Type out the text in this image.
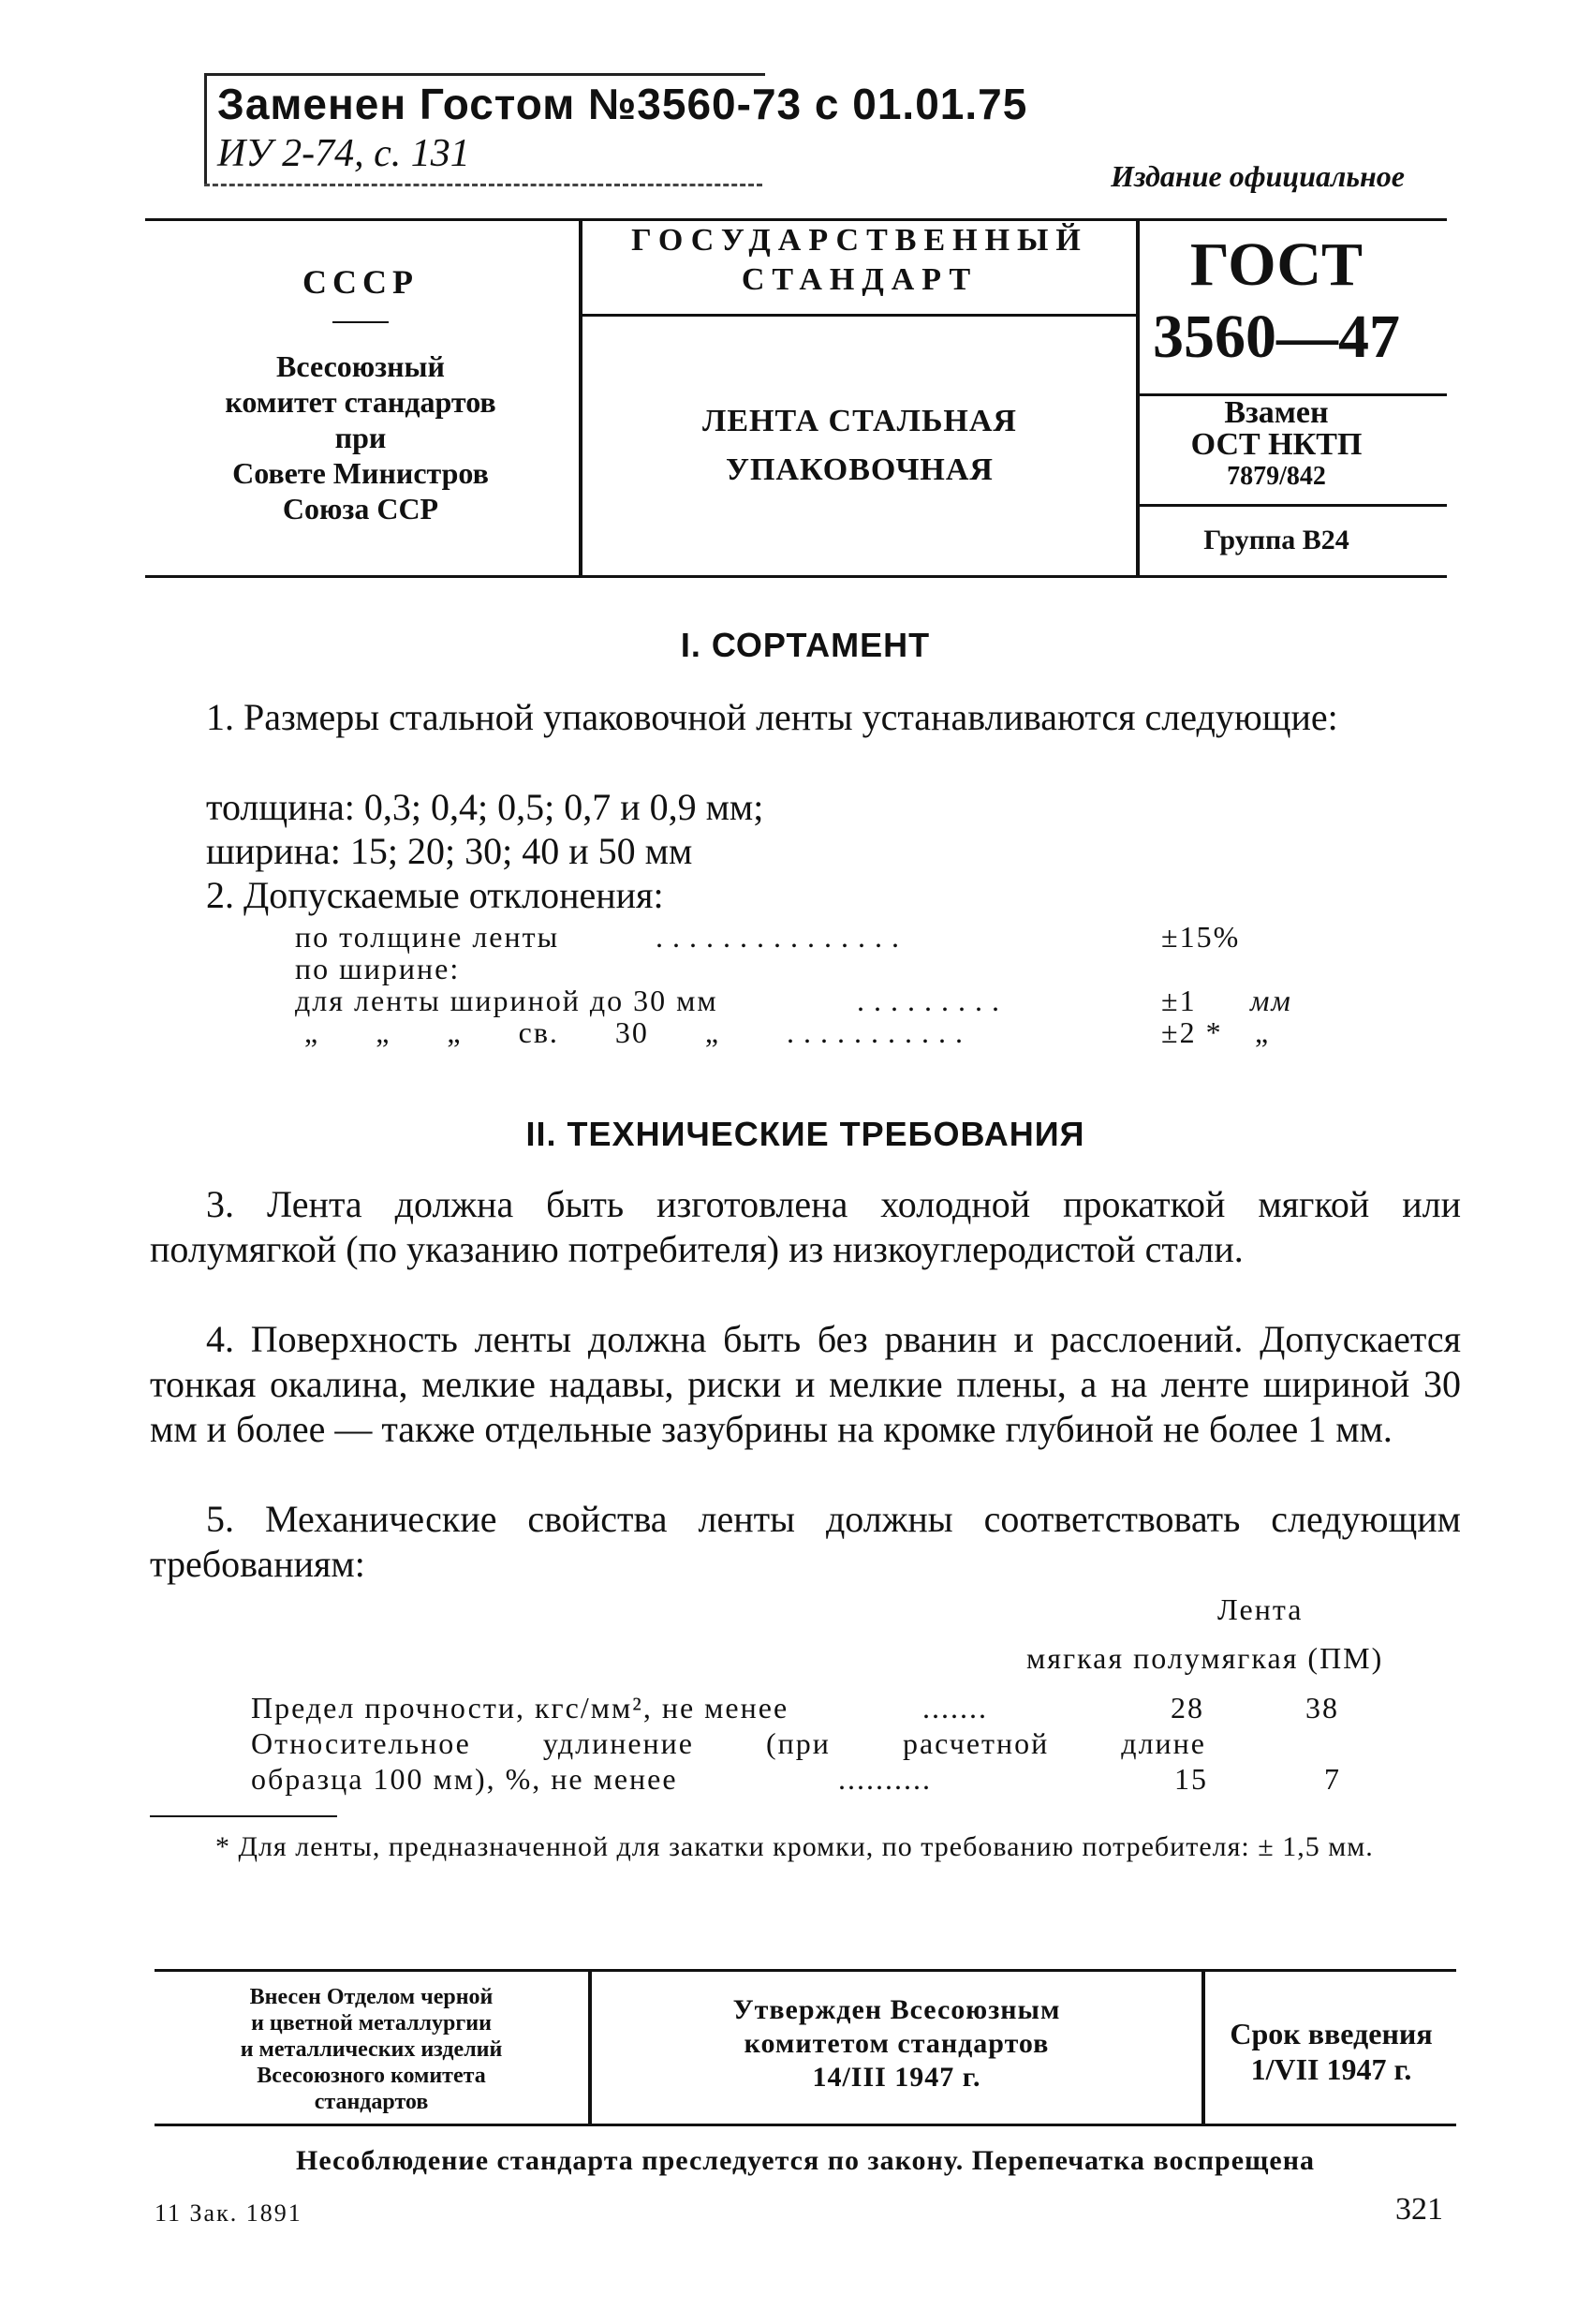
Заменен Гостом №3560-73 с 01.01.75
ИУ 2-74, с. 131
Издание официальное
СССР
Всесоюзный
комитет стандартов
при
Совете Министров
Союза ССР
ГОСУДАРСТВЕННЫЙ
СТАНДАРТ
ЛЕНТА СТАЛЬНАЯ
УПАКОВОЧНАЯ
ГОСТ
3560—47
Взамен
ОСТ НКТП
7879/842
Группа В24
I. СОРТАМЕНТ
1. Размеры стальной упаковочной ленты устанавливаются следующие:
толщина: 0,3; 0,4; 0,5; 0,7 и 0,9 мм;
ширина: 15; 20; 30; 40 и 50 мм
2. Допускаемые отклонения:
по толщине ленты	...............	±15%
по ширине:
для ленты шириной до 30 мм	.........	±1 мм
„ „ „ св. 30 „ ...........	±2 * „
II. ТЕХНИЧЕСКИЕ ТРЕБОВАНИЯ
3. Лента должна быть изготовлена холодной прокаткой мягкой или полумягкой (по указанию потребителя) из низкоуглеродистой стали.
4. Поверхность ленты должна быть без рванин и расслоений. Допускается тонкая окалина, мелкие надавы, риски и мелкие плены, а на ленте шириной 30 мм и более — также отдельные зазубрины на кромке глубиной не более 1 мм.
5. Механические свойства ленты должны соответствовать следующим требованиям:
Лента
мягкая полумягкая (ПМ)
Предел прочности, кгс/мм², не менее	.......	28	38
Относительное удлинение (при расчетной длине
образца 100 мм), %, не менее	..........	15	7
* Для ленты, предназначенной для закатки кромки, по требованию потребителя: ± 1,5 мм.
Внесен Отделом черной
и цветной металлургии
и металлических изделий
Всесоюзного комитета
стандартов
Утвержден Всесоюзным
комитетом стандартов
14/III 1947 г.
Срок введения
1/VII 1947 г.
Несоблюдение стандарта преследуется по закону. Перепечатка воспрещена
11 Зак. 1891	321
